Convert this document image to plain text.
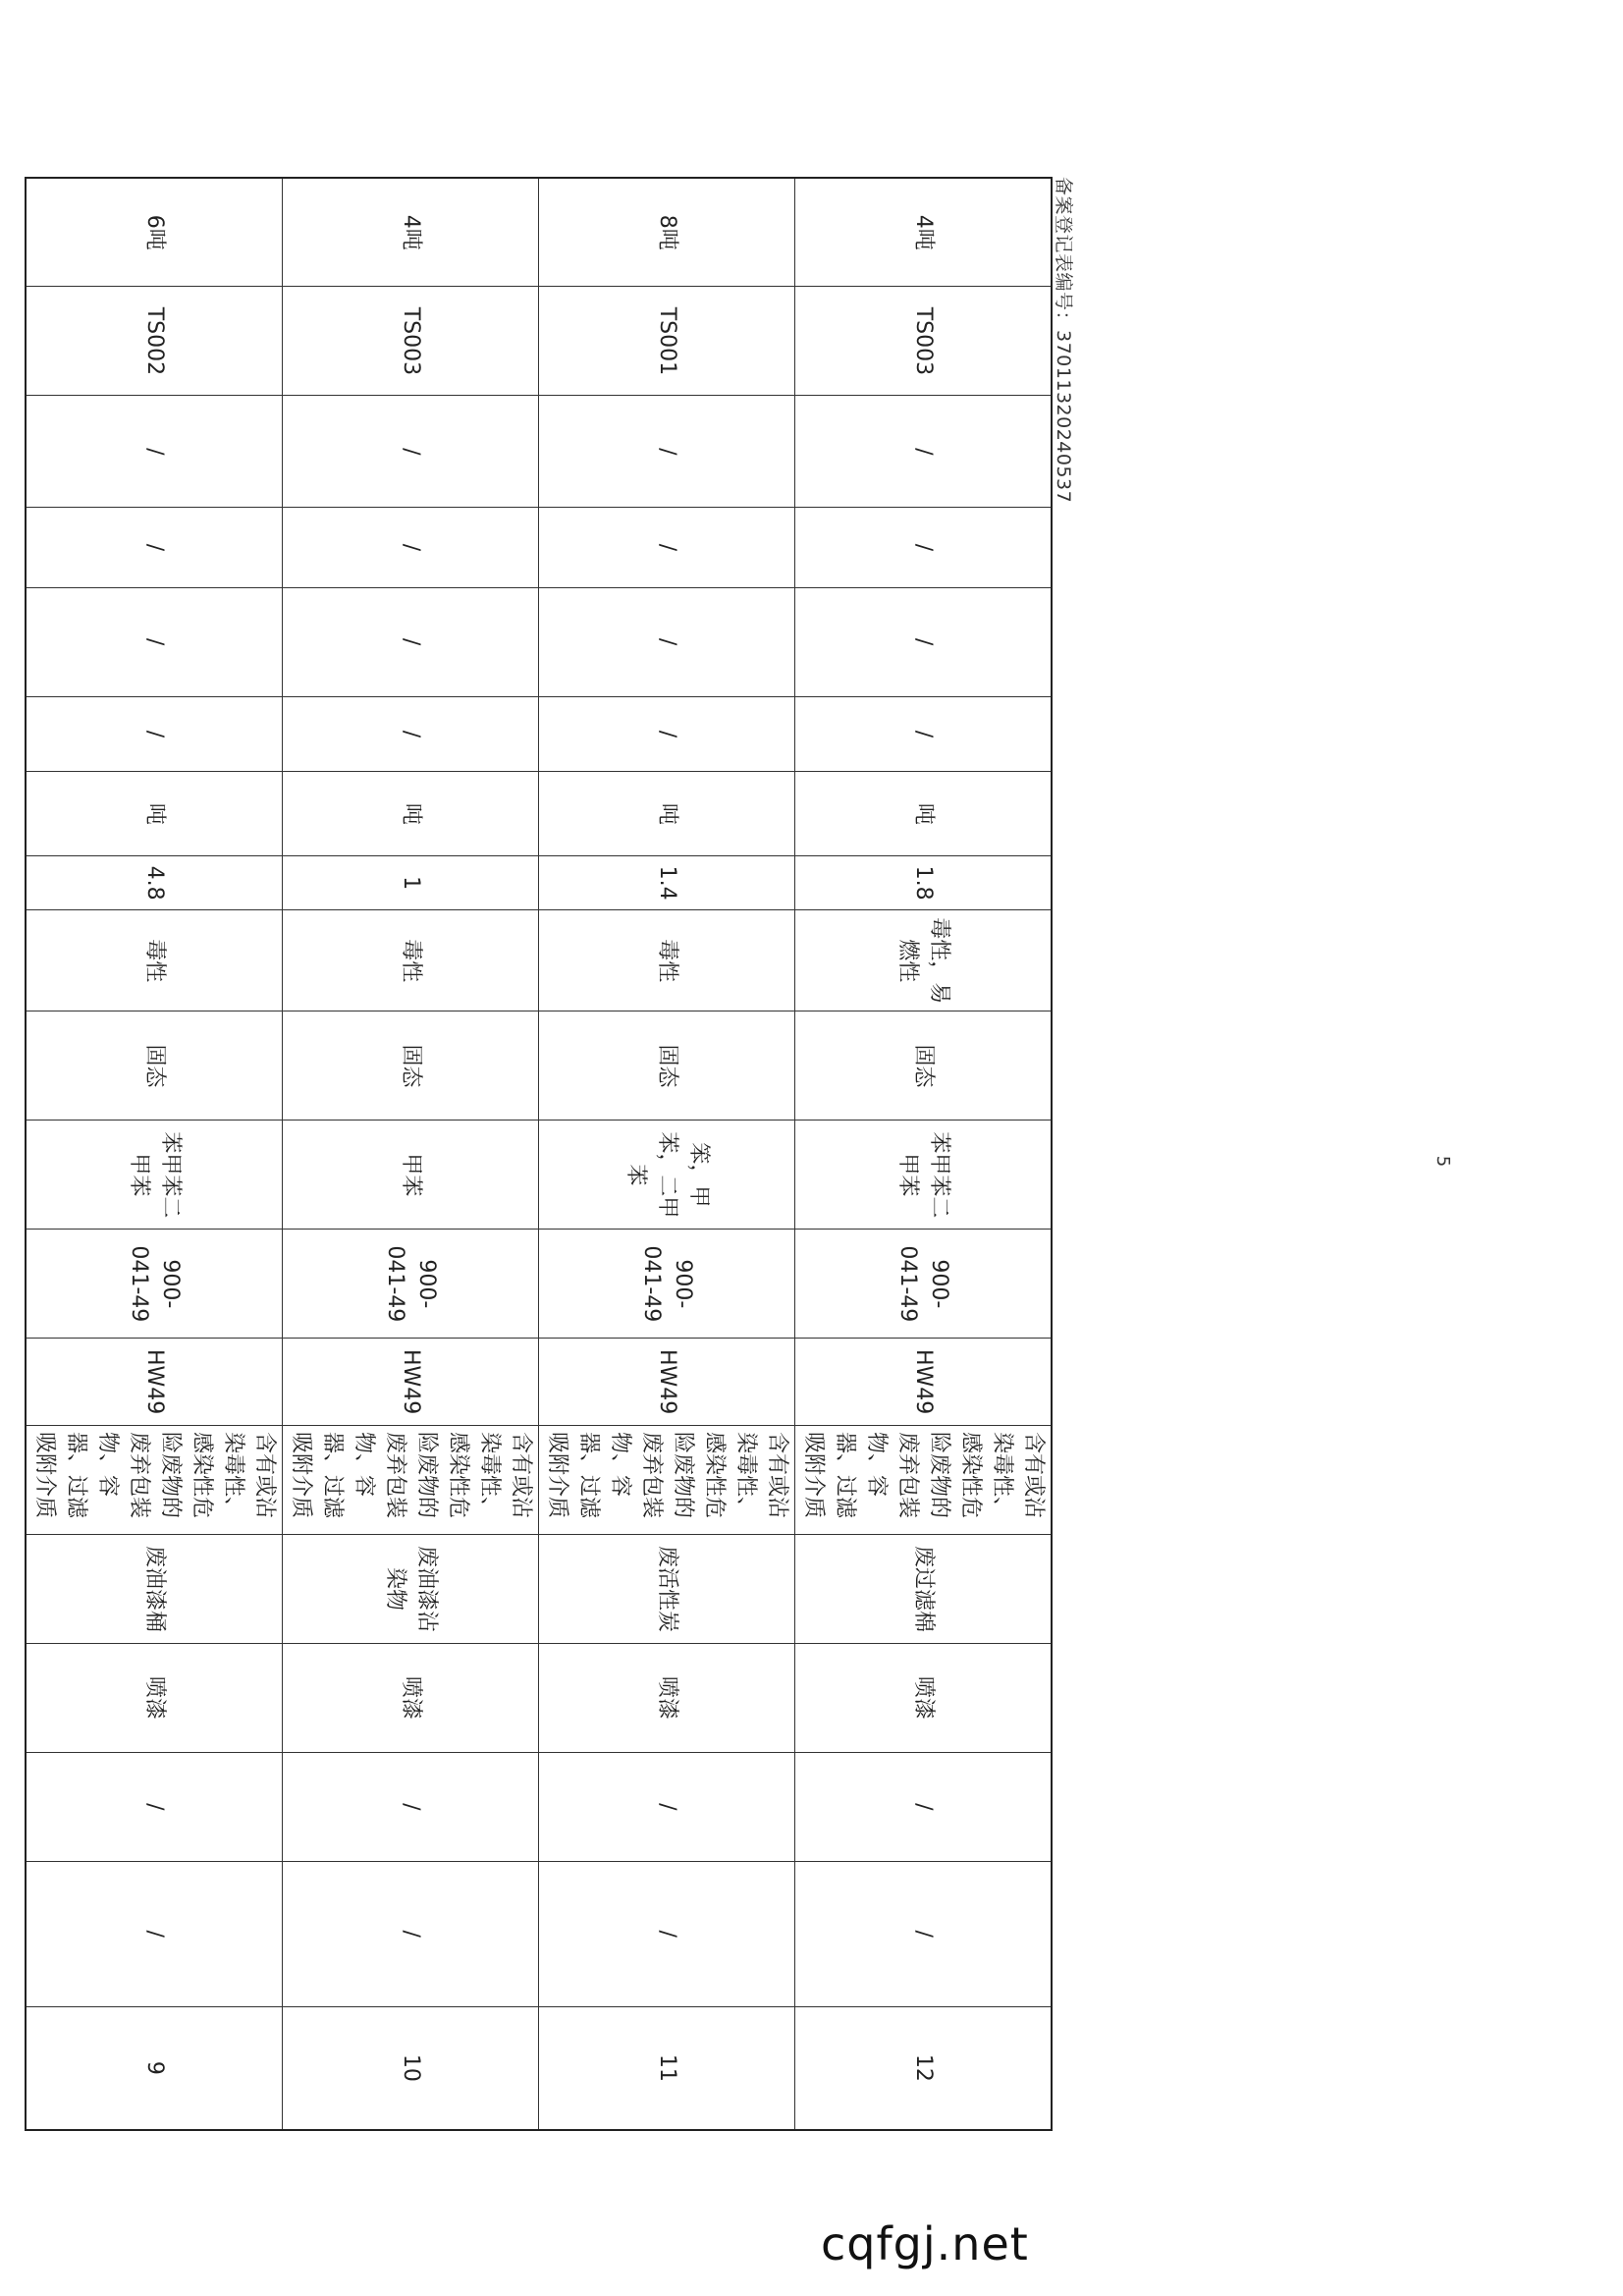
备案登记表编号：370113202405​37
4吨	TS003	/	/	/	/	吨	1.8	毒性，易燃性	固态	苯甲苯二甲苯	900-041-49	HW49	含有或沾染毒性、感染性危险废物的废弃包装物、容器、过滤吸附介质	废过滤棉	喷漆	/	/	12
8吨	TS001	/	/	/	/	吨	1.4	毒性	固态	笨，甲苯，二甲苯	900-041-49	HW49	含有或沾染毒性、感染性危险废物的废弃包装物、容器、过滤吸附介质	废活性炭	喷漆	/	/	11
4吨	TS003	/	/	/	/	吨	1	毒性	固态	甲苯	900-041-49	HW49	含有或沾染毒性、感染性危险废物的废弃包装物、容器、过滤吸附介质	废油漆沾染物	喷漆	/	/	10
6吨	TS002	/	/	/	/	吨	4.8	毒性	固态	苯甲苯二甲苯	900-041-49	HW49	含有或沾染毒性、感染性危险废物的废弃包装物、容器、过滤吸附介质	废油漆桶	喷漆	/	/	9
5
cqfgj.net
